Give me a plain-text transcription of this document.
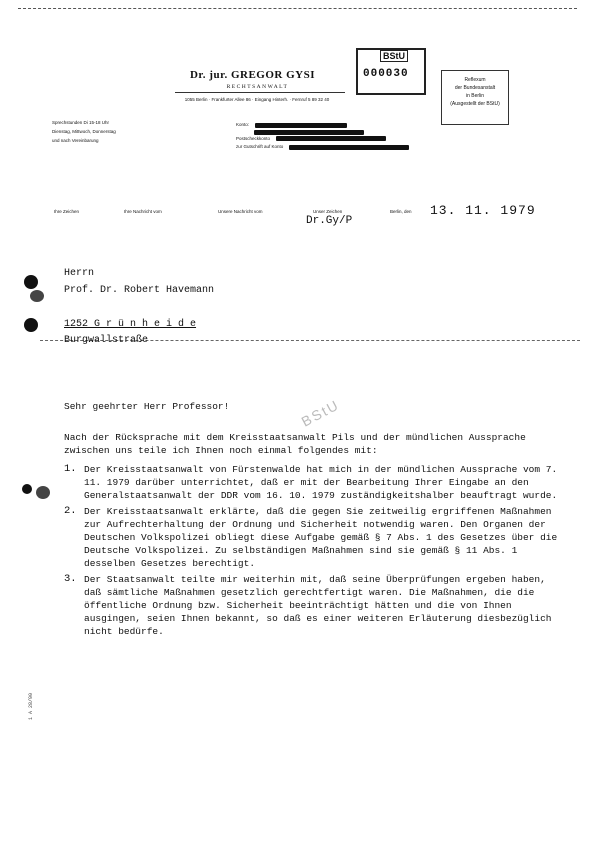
Dr. jur. GREGOR GYSI
RECHTSANWALT
1055 Berlin · Frankfurter Allee 86 · Eingang Hinterh. · Fernruf 5 89 32 40
Sprechstunden Di 15-18 Uhr
Dienstag, Mittwoch, Donnerstag
und nach Vereinbarung
Konto:
Postscheckkonto
zur Gutschrift auf Konto
BStU
000030	Reflexum
der Bundesanstalt
in Berlin
(Ausgestellt der BStU)
Ihre Zeichen	Ihre Nachricht vom	Unsere Nachricht vom	Unser Zeichen	Berlin, den 13. 11. 1979
Dr.Gy/P
Herrn
Prof. Dr. Robert Havemann
1252 G r ü n h e i d e
Burgwallstraße
BStU

Sehr geehrter Herr Professor!

Nach der Rücksprache mit dem Kreisstaatsanwalt Pils und der mündlichen Aussprache zwischen uns teile ich Ihnen noch einmal folgendes mit:

1. Der Kreisstaatsanwalt von Fürstenwalde hat mich in der mündlichen Aussprache vom 7. 11. 1979 darüber unterrichtet, daß er mit der Bearbeitung Ihrer Eingabe an den Generalstaatsanwalt der DDR vom 16. 10. 1979 zuständigkeitshalber beauftragt wurde.
2. Der Kreisstaatsanwalt erklärte, daß die gegen Sie zeitweilig ergriffenen Maßnahmen zur Aufrechterhaltung der Ordnung und Sicherheit notwendig waren. Den Organen der Deutschen Volkspolizei obliegt diese Aufgabe gemäß § 7 Abs. 1 des Gesetzes über die Deutsche Volkspolizei. Zu selbständigen Maßnahmen sind sie gemäß § 11 Abs. 1 desselben Gesetzes berechtigt.
3. Der Staatsanwalt teilte mir weiterhin mit, daß seine Überprüfungen ergeben haben, daß sämtliche Maßnahmen gesetzlich gerechtfertigt waren. Die Maßnahmen, die die öffentliche Ordnung bzw. Sicherheit beeinträchtigt hätten und die von Ihnen ausgingen, seien Ihnen bekannt, so daß es einer weiteren Erläuterung diesbezüglich nicht bedürfe.
1 A 28/90
